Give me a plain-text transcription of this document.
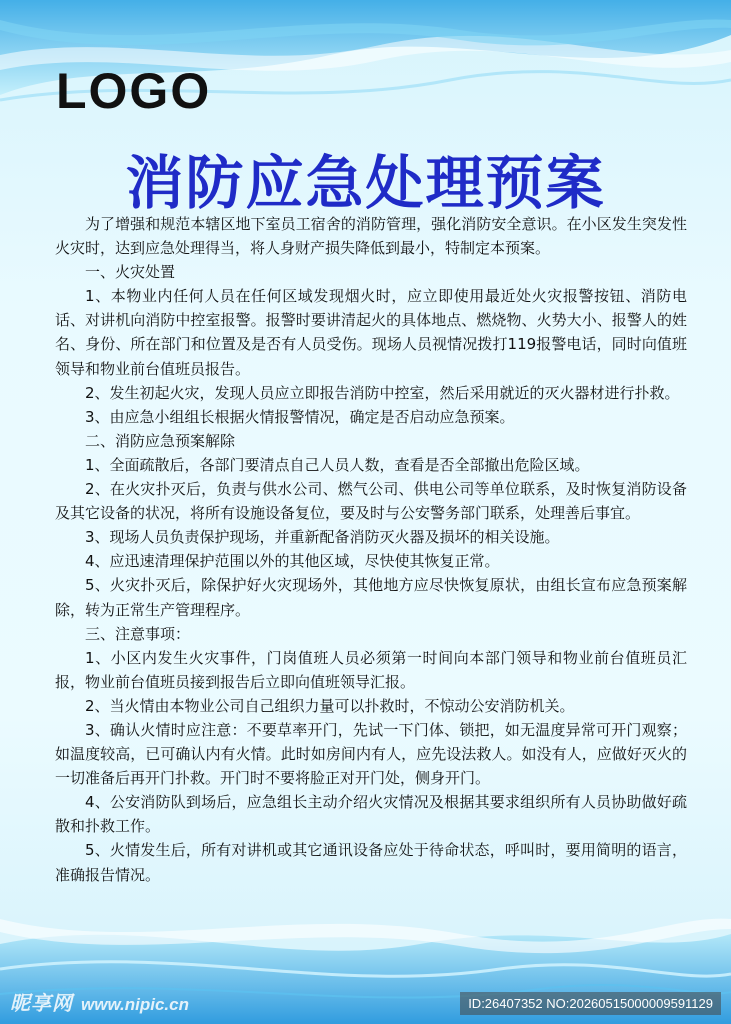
LOGO
消防应急处理预案

为了增强和规范本辖区地下室员工宿舍的消防管理，强化消防安全意识。在小区发生突发性火灾时，达到应急处理得当，将人身财产损失降低到最小，特制定本预案。

一、火灾处置

1、本物业内任何人员在任何区域发现烟火时，应立即使用最近处火灾报警按钮、消防电话、对讲机向消防中控室报警。报警时要讲清起火的具体地点、燃烧物、火势大小、报警人的姓名、身份、所在部门和位置及是否有人员受伤。现场人员视情况拨打119报警电话，同时向值班领导和物业前台值班员报告。

2、发生初起火灾，发现人员应立即报告消防中控室，然后采用就近的灭火器材进行扑救。

3、由应急小组组长根据火情报警情况，确定是否启动应急预案。

二、消防应急预案解除

1、全面疏散后，各部门要清点自己人员人数，查看是否全部撤出危险区域。

2、在火灾扑灭后，负责与供水公司、燃气公司、供电公司等单位联系，及时恢复消防设备及其它设备的状况，将所有设施设备复位，要及时与公安警务部门联系，处理善后事宜。

3、现场人员负责保护现场，并重新配备消防灭火器及损坏的相关设施。

4、应迅速清理保护范围以外的其他区域，尽快使其恢复正常。

5、火灾扑灭后，除保护好火灾现场外，其他地方应尽快恢复原状，由组长宣布应急预案解除，转为正常生产管理程序。

三、注意事项：

1、小区内发生火灾事件，门岗值班人员必须第一时间向本部门领导和物业前台值班员汇报，物业前台值班员接到报告后立即向值班领导汇报。

2、当火情由本物业公司自己组织力量可以扑救时，不惊动公安消防机关。

3、确认火情时应注意：不要草率开门，先试一下门体、锁把，如无温度异常可开门观察；如温度较高，已可确认内有火情。此时如房间内有人，应先设法救人。如没有人，应做好灭火的一切准备后再开门扑救。开门时不要将脸正对开门处，侧身开门。

4、公安消防队到场后，应急组长主动介绍火灾情况及根据其要求组织所有人员协助做好疏散和扑救工作。

5、火情发生后，所有对讲机或其它通讯设备应处于待命状态，呼叫时，要用简明的语言，准确报告情况。

昵享网 www.nipic.cn	ID:26407352 NO:20260515000009591129
